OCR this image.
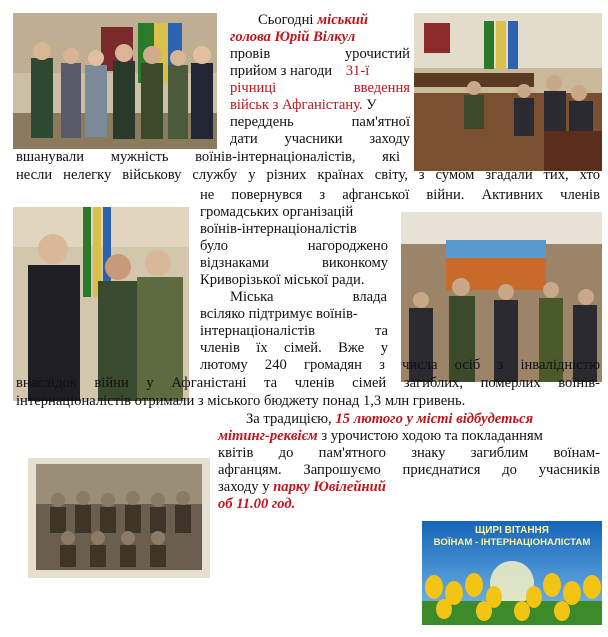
ЩИРІ ВІТАННЯ
ВОЇНАМ - ІНТЕРНАЦІОНАЛІСТАМ
Сьогодні міський
голова Юрій Вілкул
провів урочистий
прийом з нагоди 31-ї
річниці введення
військ з Афганістану. У
переддень пам'ятної
дати учасники заходу
вшанували мужність воїнів-інтернаціоналістів, які
несли нелегку військову службу у різних країнах світу, з сумом згадали тих, хто
не повернувся з афганської війни. Активних членів
громадських організацій
воїнів-інтернаціоналістів
було нагороджено
відзнаками виконкому
Криворізької міської ради.
Міська влада
всіляко підтримує воїнів-
інтернаціоналістів та
членів їх сімей. Вже у
лютому 240 громадян з числа осіб з інвалідністю
внаслідок війни у Афганістані та членів сімей загиблих, померлих воїнів-
інтернаціоналістів отримали з міського бюджету понад 1,3 млн гривень.
За традицією, 15 лютого у місті відбудеться
мітинг-реквієм з урочистою ходою та покладанням
квітів до пам'ятного знаку загиблим воїнам-
афганцям. Запрошуємо приєднатися до учасників
заходу у парку Ювілейний
об 11.00 год.
